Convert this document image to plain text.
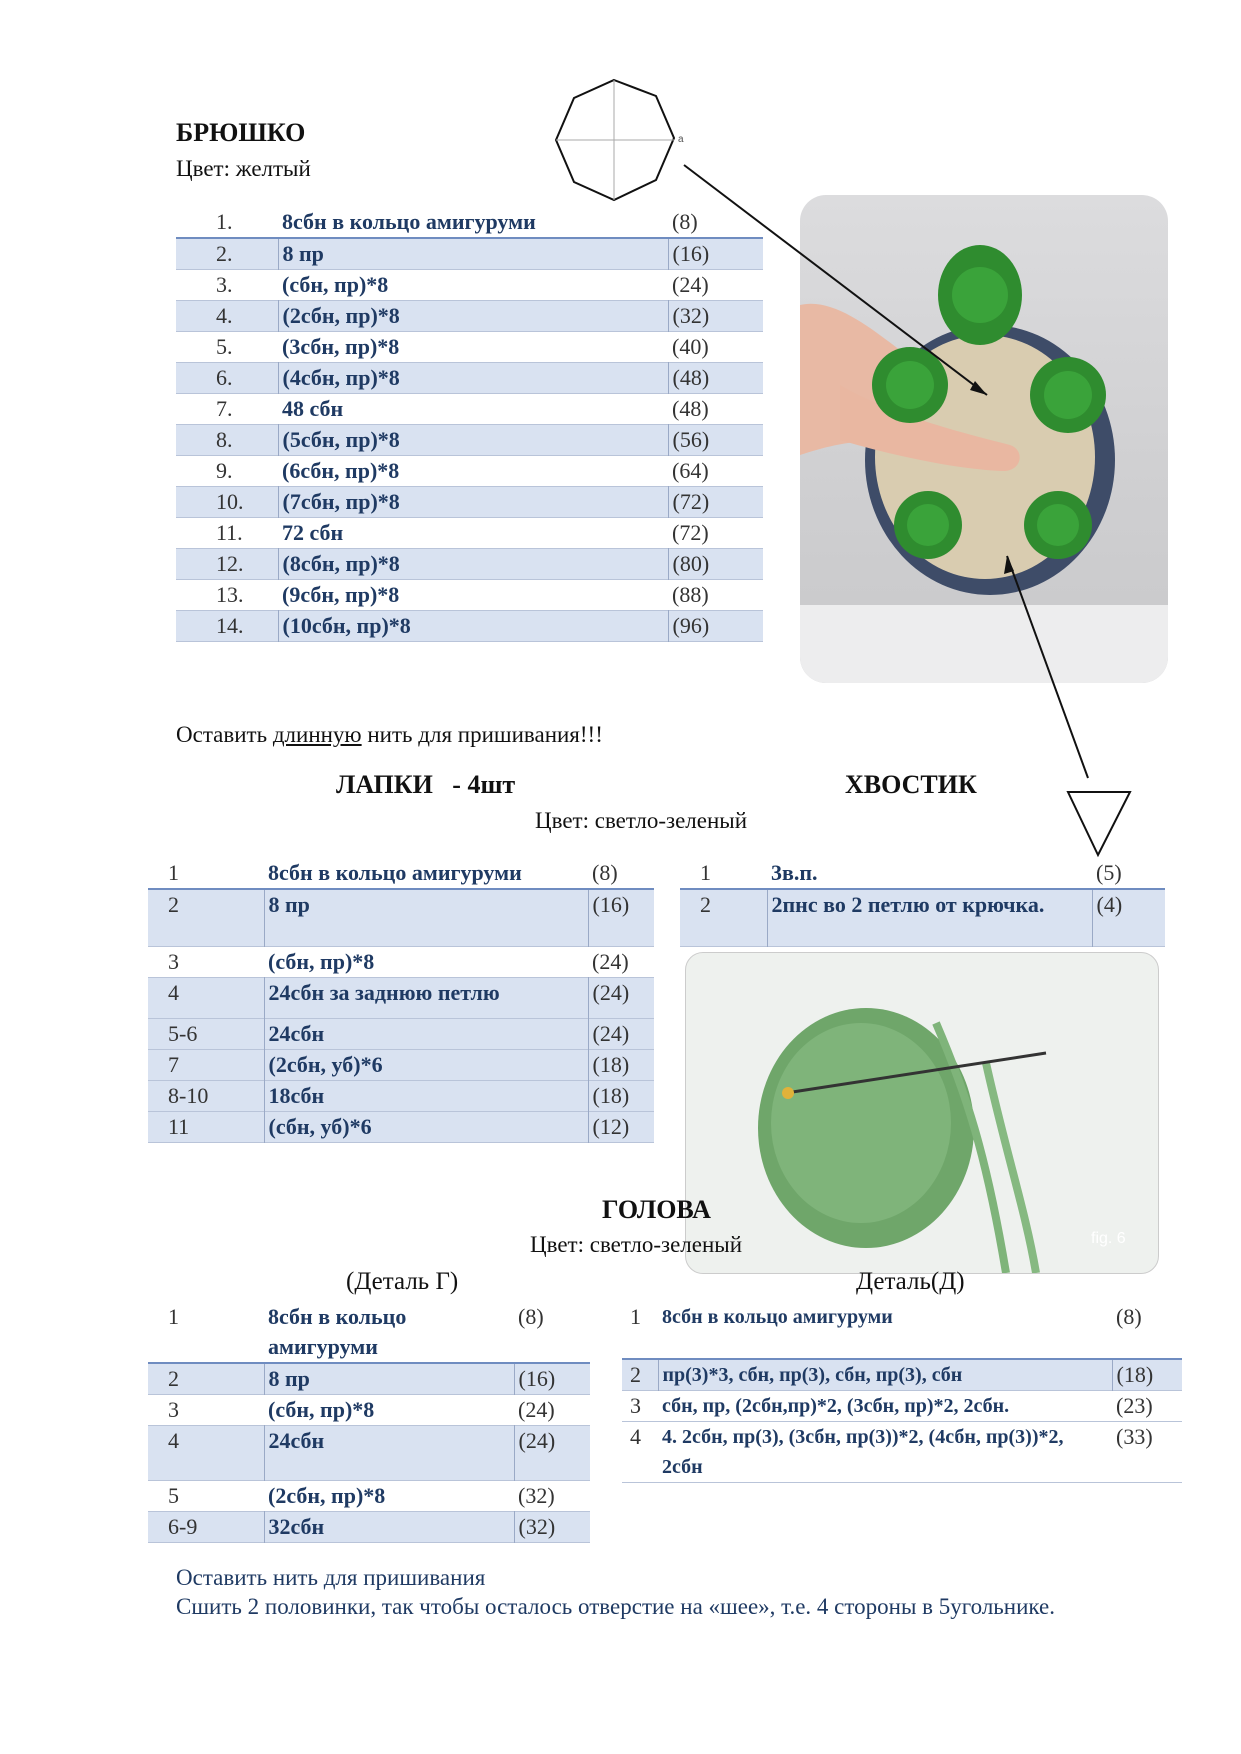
a
БРЮШКО
Цвет: желтый
1.	8сбн в кольцо амигуруми	(8)
2.	8 пр	(16)
3.	(сбн, пр)*8	(24)
4.	(2сбн, пр)*8	(32)
5.	(3сбн, пр)*8	(40)
6.	(4сбн, пр)*8	(48)
7.	48 сбн	(48)
8.	(5сбн, пр)*8	(56)
9.	(6сбн, пр)*8	(64)
10.	(7сбн, пр)*8	(72)
11.	72 сбн	(72)
12.	(8сбн, пр)*8	(80)
13.	(9сбн, пр)*8	(88)
14.	(10сбн, пр)*8	(96)
Оставить длинную нить для пришивания!!!
ЛАПКИ   - 4шт	ХВОСТИК
Цвет: светло-зеленый
1	8сбн в кольцо амигуруми	(8)
2	8 пр	(16)
3	(сбн, пр)*8	(24)
4	24сбн за заднюю петлю	(24)
5-6	24сбн	(24)
7	(2сбн, уб)*6	(18)
8-10	18сбн	(18)
11	(сбн, уб)*6	(12)
1	3в.п.	(5)
2	2пнс во 2 петлю от крючка.	(4)
fig. 6
ГОЛОВА
Цвет: светло-зеленый
(Деталь Г)	Деталь(Д)
1	8сбн в кольцо амигуруми	(8)
2	8 пр	(16)
3	(сбн, пр)*8	(24)
4	24сбн	(24)
5	(2сбн, пр)*8	(32)
6-9	32сбн	(32)
1	8сбн в кольцо амигуруми	(8)
2	пр(3)*3, сбн, пр(3), сбн, пр(3), сбн	(18)
3	сбн, пр, (2сбн,пр)*2, (3сбн, пр)*2, 2сбн.	(23)
4	4. 2сбн, пр(3), (3сбн, пр(3))*2, (4сбн, пр(3))*2, 2сбн	(33)
Оставить нить для пришивания
Сшить 2 половинки, так чтобы осталось отверстие на «шее», т.е. 4 стороны в 5угольнике.
